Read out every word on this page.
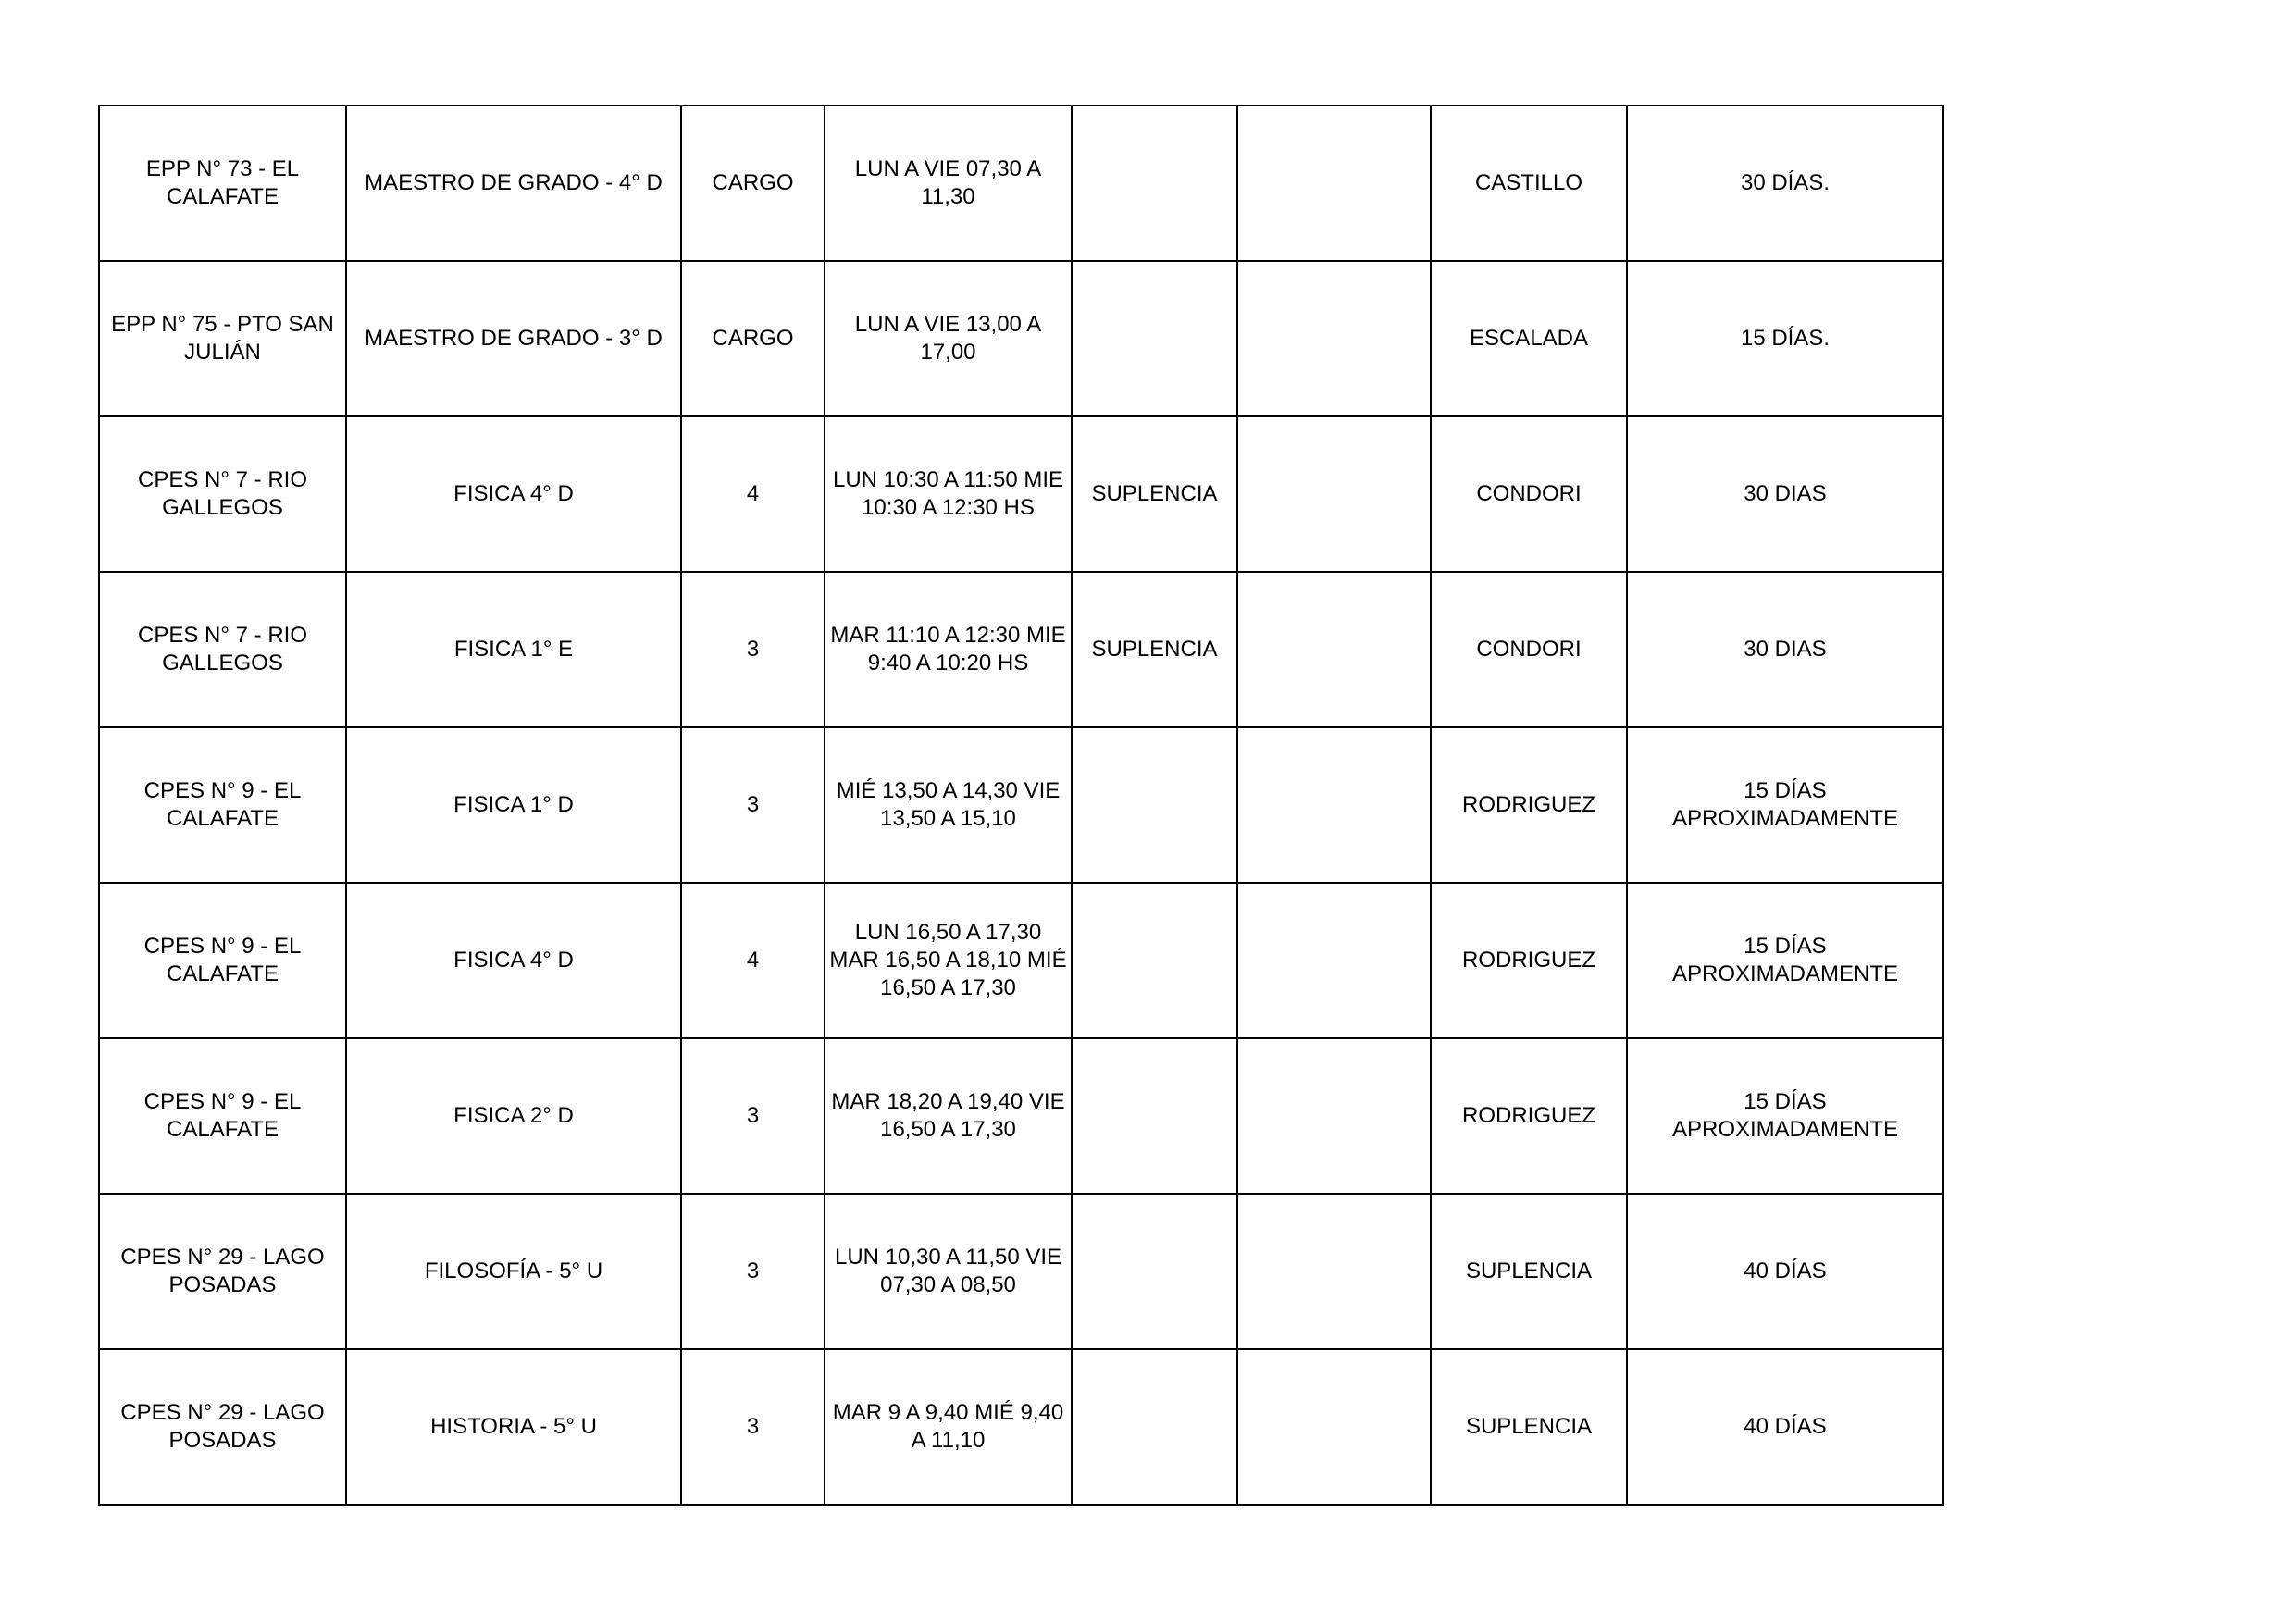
EPP N° 73 - EL
CALAFATE	MAESTRO DE GRADO - 4° D	CARGO	LUN A VIE 07,30 A
11,30			CASTILLO	30 DÍAS.
EPP N° 75 - PTO SAN
JULIÁN	MAESTRO DE GRADO - 3° D	CARGO	LUN A VIE 13,00 A
17,00			ESCALADA	15 DÍAS.
CPES N° 7 - RIO
GALLEGOS	FISICA 4° D	4	LUN 10:30 A 11:50 MIE
10:30 A 12:30 HS	SUPLENCIA		CONDORI	30 DIAS
CPES N° 7 - RIO
GALLEGOS	FISICA 1° E	3	MAR 11:10 A 12:30 MIE
9:40 A 10:20 HS	SUPLENCIA		CONDORI	30 DIAS
CPES N° 9 - EL
CALAFATE	FISICA 1° D	3	MIÉ 13,50 A 14,30 VIE
13,50 A 15,10			RODRIGUEZ	15 DÍAS
APROXIMADAMENTE
CPES N° 9 - EL
CALAFATE	FISICA 4° D	4	LUN 16,50 A 17,30
MAR 16,50 A 18,10 MIÉ
16,50 A 17,30			RODRIGUEZ	15 DÍAS
APROXIMADAMENTE
CPES N° 9 - EL
CALAFATE	FISICA 2° D	3	MAR 18,20 A 19,40 VIE
16,50 A 17,30			RODRIGUEZ	15 DÍAS
APROXIMADAMENTE
CPES N° 29 - LAGO
POSADAS	FILOSOFÍA - 5° U	3	LUN 10,30 A 11,50 VIE
07,30 A 08,50			SUPLENCIA	40 DÍAS
CPES N° 29 - LAGO
POSADAS	HISTORIA - 5° U	3	MAR 9 A 9,40 MIÉ 9,40
A 11,10			SUPLENCIA	40 DÍAS
